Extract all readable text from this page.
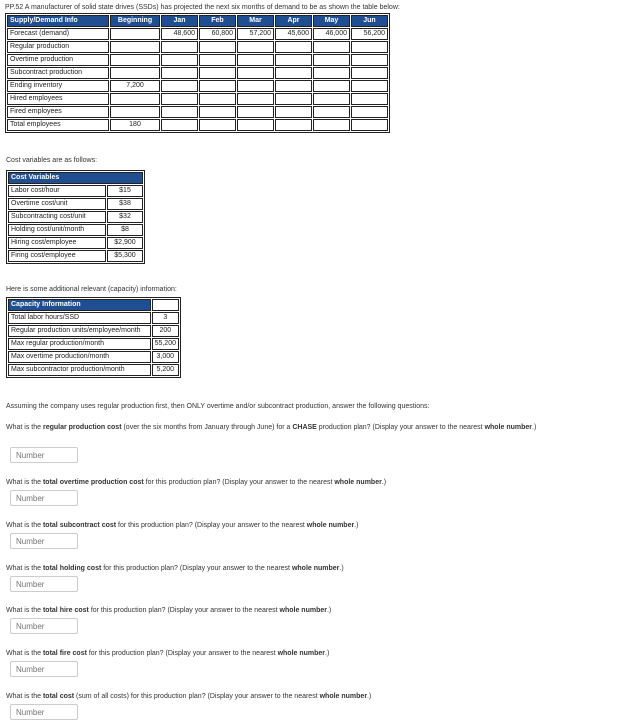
PP.52 A manufacturer of solid state drives (SSDs) has projected the next six months of demand to be as shown the table below:
Supply/Demand Info	Beginning	Jan	Feb	Mar	Apr	May	Jun
Forecast (demand)		48,600	60,800	57,200	45,600	46,000	56,200
Regular production							
Overtime production							
Subcontract production							
Ending inventory	7,200						
Hired employees							
Fired employees							
Total employees	180						
Cost variables are as follows:
Cost Variables	
Labor cost/hour	$15
Overtime cost/unit	$38
Subcontracting cost/unit	$32
Holding cost/unit/month	$8
Hiring cost/employee	$2,900
Firing cost/employee	$5,300
Here is some additional relevant (capacity) information:
Capacity Information	
Total labor hours/SSD	3
Regular production units/employee/month	200
Max regular production/month	55,200
Max overtime production/month	3,000
Max subcontractor production/month	5,200
Assuming the company uses regular production first, then ONLY overtime and/or subcontract production, answer the following questions:
What is the regular production cost (over the six months from January through June) for a CHASE production plan? (Display your answer to the nearest whole number.)
Number
What is the total overtime production cost for this production plan? (Display your answer to the nearest whole number.)
Number
What is the total subcontract cost for this production plan? (Display your answer to the nearest whole number.)
Number
What is the total holding cost for this production plan? (Display your answer to the nearest whole number.)
Number
What is the total hire cost for this production plan? (Display your answer to the nearest whole number.)
Number
What is the total fire cost for this production plan? (Display your answer to the nearest whole number.)
Number
What is the total cost (sum of all costs) for this production plan? (Display your answer to the nearest whole number.)
Number
